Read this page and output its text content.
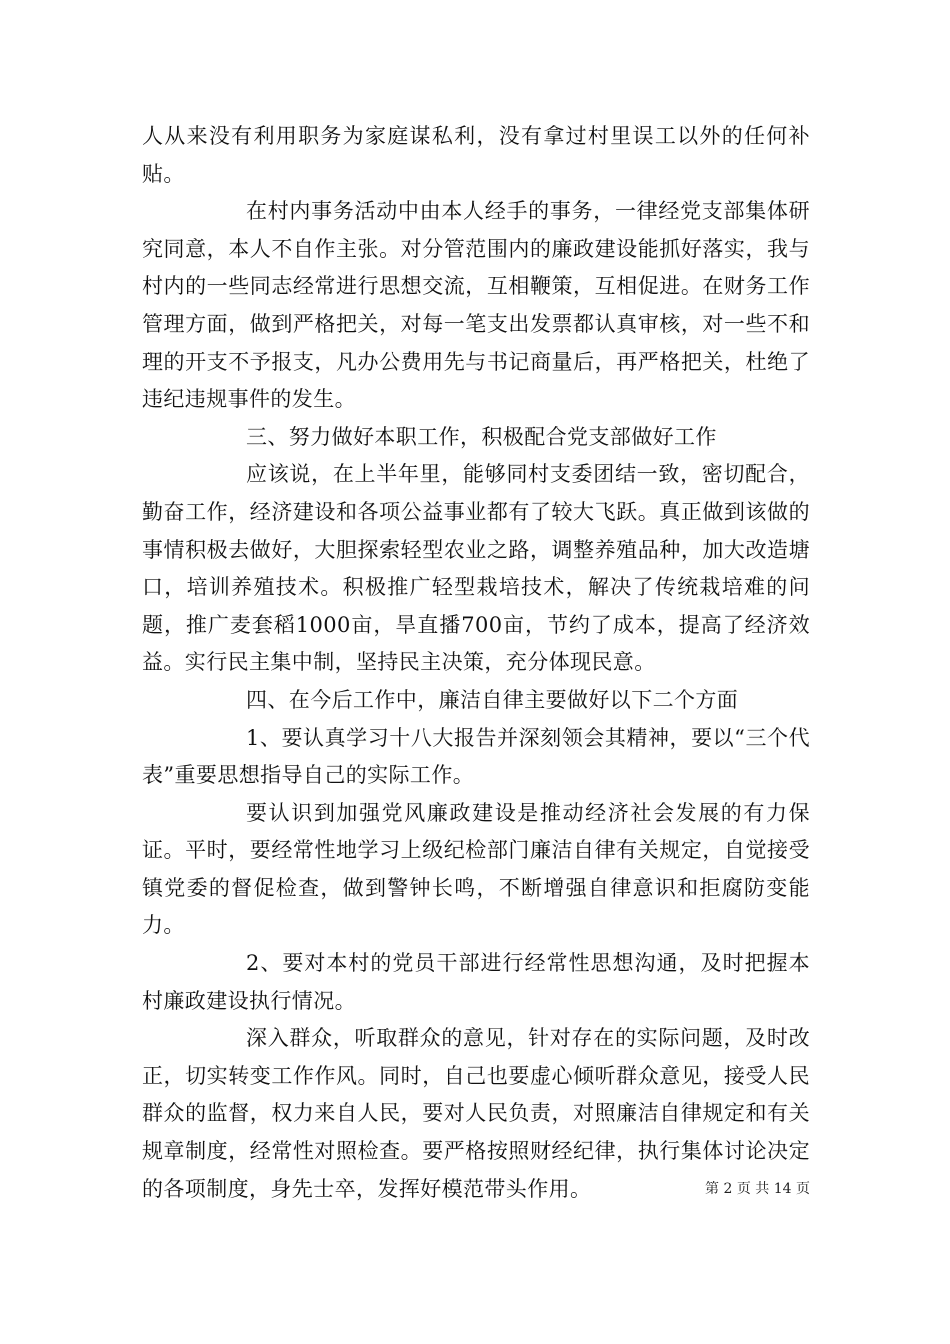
人从来没有利用职务为家庭谋私利，没有拿过村里误工以外的任何补贴。

在村内事务活动中由本人经手的事务，一律经党支部集体研究同意，本人不自作主张。对分管范围内的廉政建设能抓好落实，我与村内的一些同志经常进行思想交流，互相鞭策，互相促进。在财务工作管理方面，做到严格把关，对每一笔支出发票都认真审核，对一些不和理的开支不予报支，凡办公费用先与书记商量后，再严格把关，杜绝了违纪违规事件的发生。

三、努力做好本职工作，积极配合党支部做好工作

应该说，在上半年里，能够同村支委团结一致，密切配合，勤奋工作，经济建设和各项公益事业都有了较大飞跃。真正做到该做的事情积极去做好，大胆探索轻型农业之路，调整养殖品种，加大改造塘口，培训养殖技术。积极推广轻型栽培技术，解决了传统栽培难的问题，推广麦套稻1000亩，旱直播700亩，节约了成本，提高了经济效益。实行民主集中制，坚持民主决策，充分体现民意。

四、在今后工作中，廉洁自律主要做好以下二个方面

1、要认真学习十八大报告并深刻领会其精神，要以“三个代表”重要思想指导自己的实际工作。

要认识到加强党风廉政建设是推动经济社会发展的有力保证。平时，要经常性地学习上级纪检部门廉洁自律有关规定，自觉接受镇党委的督促检查，做到警钟长鸣，不断增强自律意识和拒腐防变能力。

2、要对本村的党员干部进行经常性思想沟通，及时把握本村廉政建设执行情况。

深入群众，听取群众的意见，针对存在的实际问题，及时改正，切实转变工作作风。同时，自己也要虚心倾听群众意见，接受人民群众的监督，权力来自人民，要对人民负责，对照廉洁自律规定和有关规章制度，经常性对照检查。要严格按照财经纪律，执行集体讨论决定的各项制度，身先士卒，发挥好模范带头作用。	第 2 页 共 14 页
